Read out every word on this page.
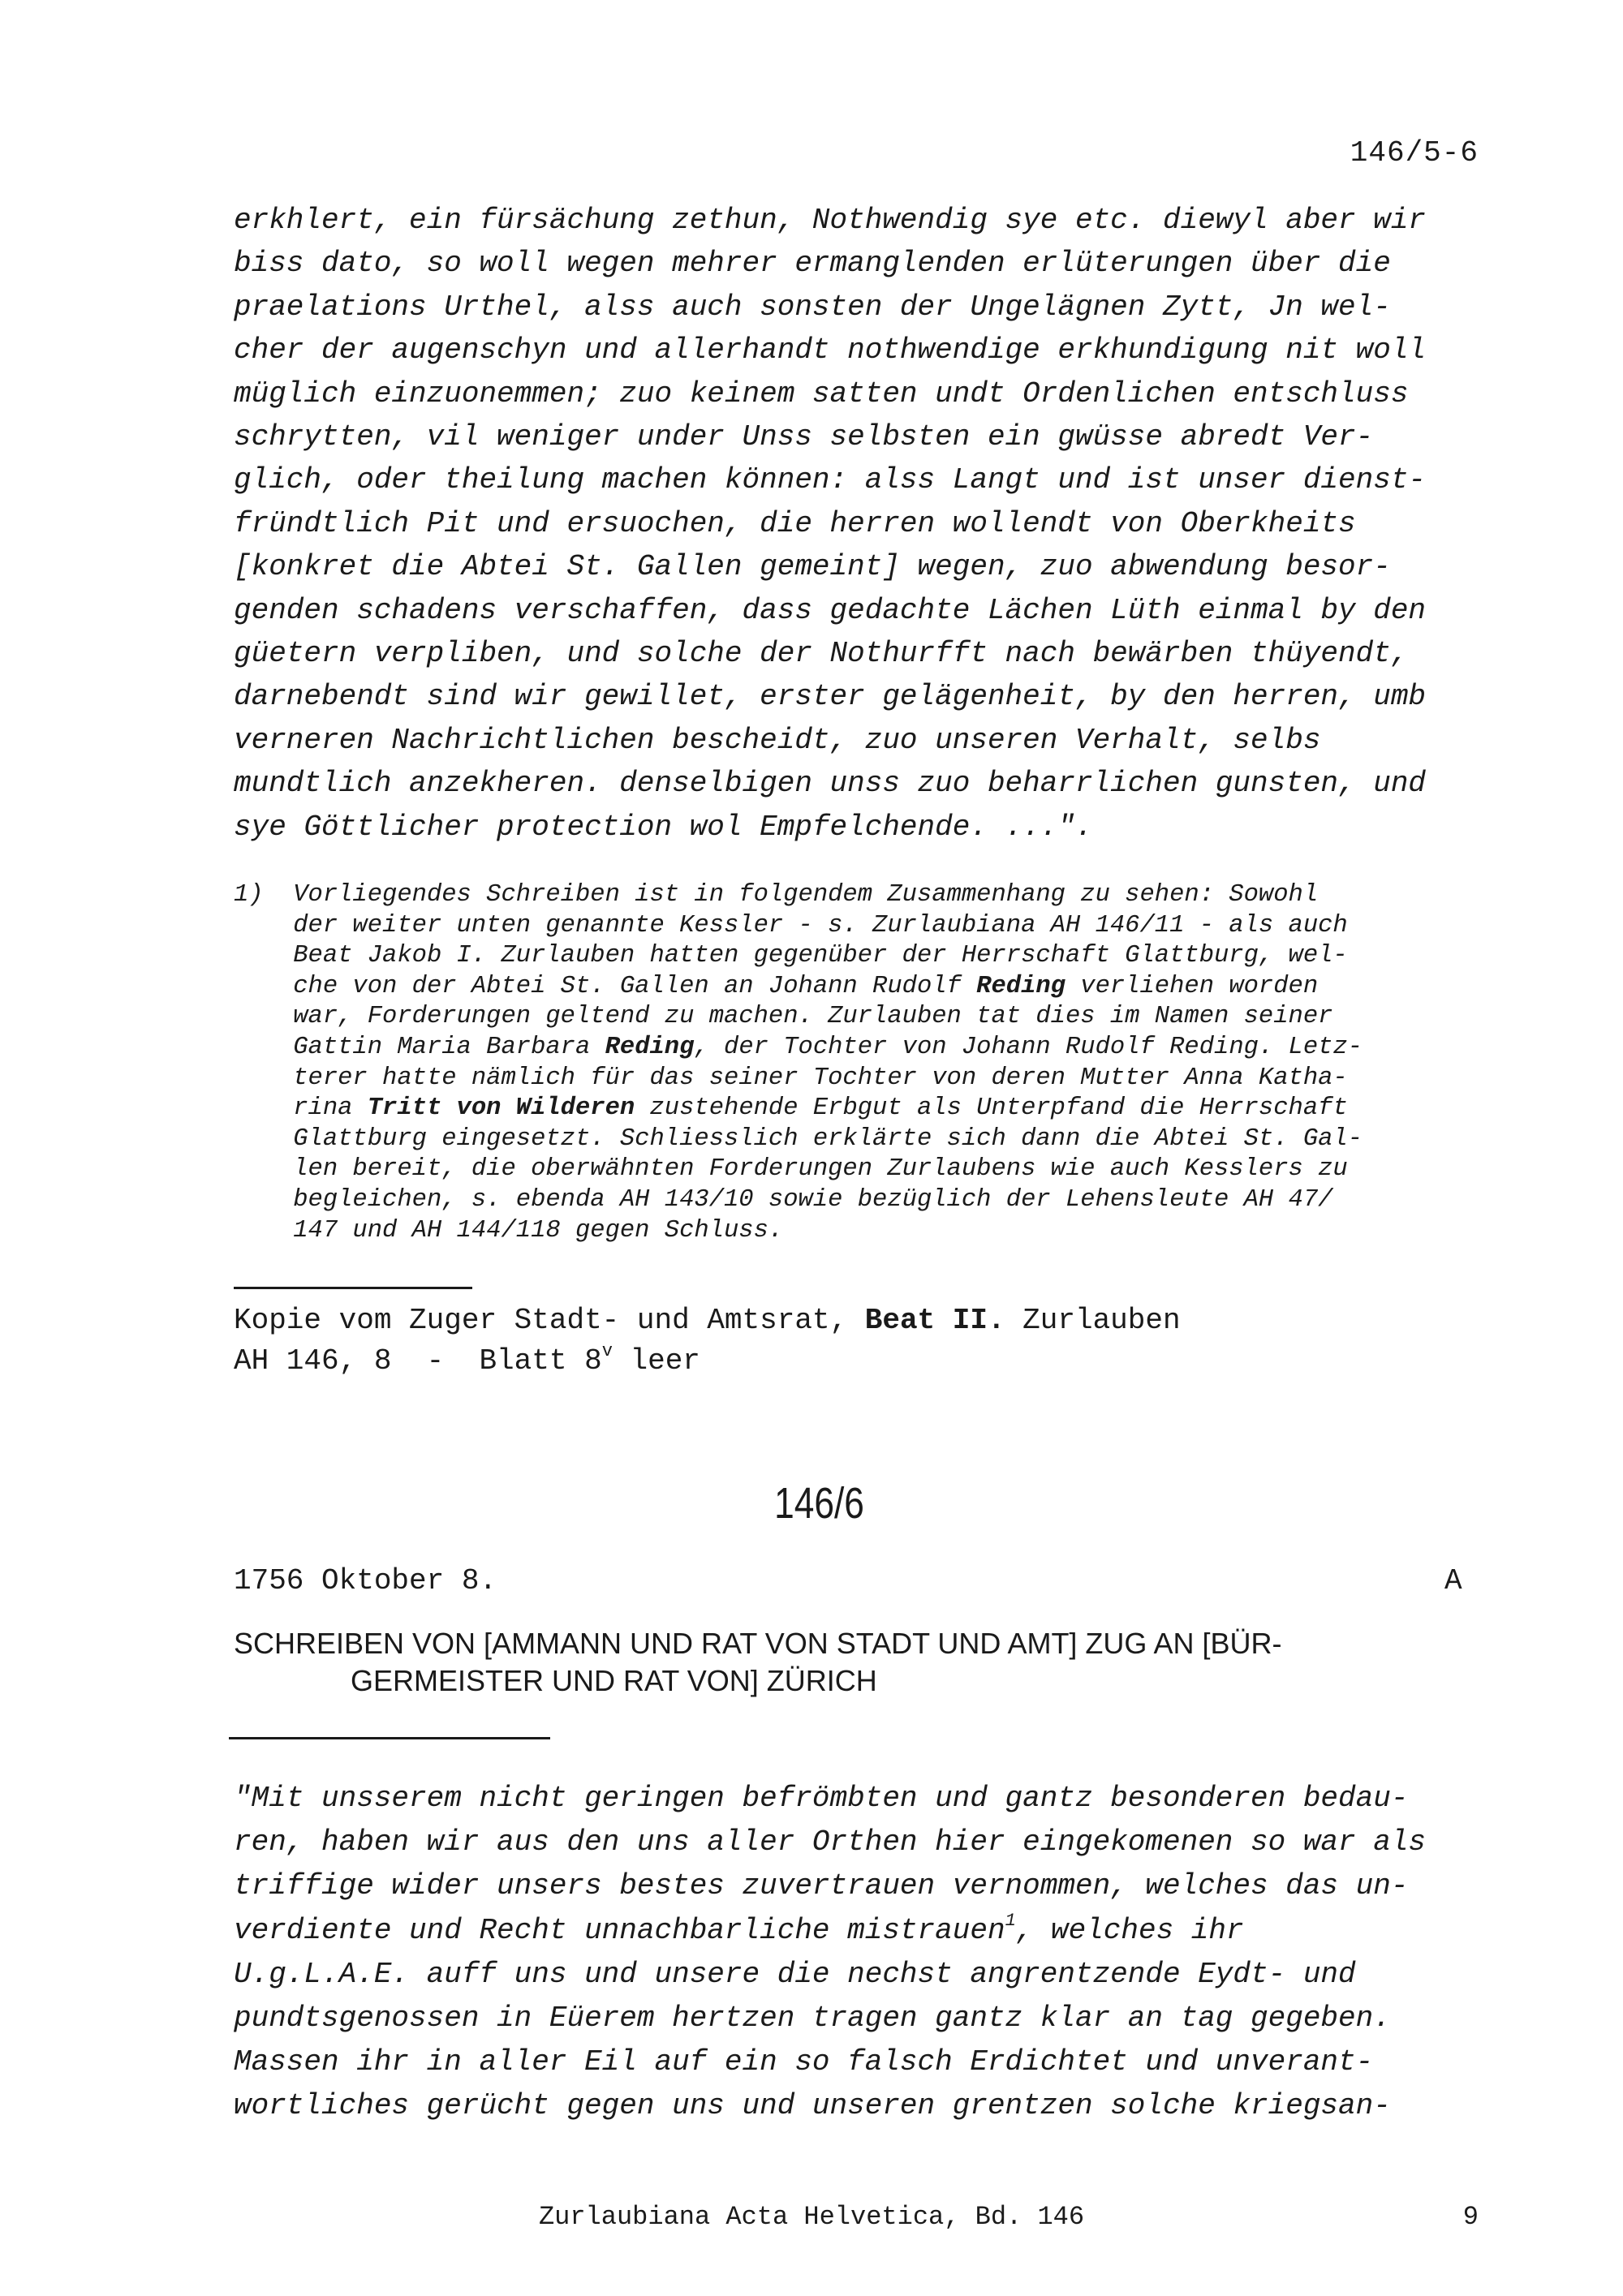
146/5-6
erkhlert, ein fürsächung zethun, Nothwendig sye etc. diewyl aber wir
biss dato, so woll wegen mehrer ermanglenden erlüterungen über die
praelations Urthel, alss auch sonsten der Ungelägnen Zytt, Jn wel-
cher der augenschyn und allerhandt nothwendige erkhundigung nit woll
müglich einzuonemmen; zuo keinem satten undt Ordenlichen entschluss
schrytten, vil weniger under Unss selbsten ein gwüsse abredt Ver-
glich, oder theilung machen können: alss Langt und ist unser dienst-
fründtlich Pit und ersuochen, die herren wollendt von Oberkheits
[konkret die Abtei St. Gallen gemeint] wegen, zuo abwendung besor-
genden schadens verschaffen, dass gedachte Lächen Lüth einmal by den
güetern verpliben, und solche der Nothurfft nach bewärben thüyendt,
darnebendt sind wir gewillet, erster gelägenheit, by den herren, umb
verneren Nachrichtlichen bescheidt, zuo unseren Verhalt, selbs
mundtlich anzekheren. denselbigen unss zuo beharrlichen gunsten, und
sye Göttlicher protection wol Empfelchende. ...".
1) Vorliegendes Schreiben ist in folgendem Zusammenhang zu sehen: Sowohl
der weiter unten genannte Kessler - s. Zurlaubiana AH 146/11 - als auch
Beat Jakob I. Zurlauben hatten gegenüber der Herrschaft Glattburg, wel-
che von der Abtei St. Gallen an Johann Rudolf Reding verliehen worden
war, Forderungen geltend zu machen. Zurlauben tat dies im Namen seiner
Gattin Maria Barbara Reding, der Tochter von Johann Rudolf Reding. Letz-
terer hatte nämlich für das seiner Tochter von deren Mutter Anna Katha-
rina Tritt von Wilderen zustehende Erbgut als Unterpfand die Herrschaft
Glattburg eingesetzt. Schliesslich erklärte sich dann die Abtei St. Gal-
len bereit, die oberwähnten Forderungen Zurlaubens wie auch Kesslers zu
begleichen, s. ebenda AH 143/10 sowie bezüglich der Lehensleute AH 47/
147 und AH 144/118 gegen Schluss.
Kopie vom Zuger Stadt- und Amtsrat, Beat II. Zurlauben
AH 146, 8  -  Blatt 8$^v$ leer
146/6
1756 Oktober 8.	A
SCHREIBEN VON [AMMANN UND RAT VON STADT UND AMT] ZUG AN [BÜR-
GERMEISTER UND RAT VON] ZÜRICH
"Mit unsserem nicht geringen befrömbten und gantz besonderen bedau-
ren, haben wir aus den uns aller Orthen hier eingekomenen so war als
triffige wider unsers bestes zuvertrauen vernommen, welches das un-
verdiente und Recht unnachbarliche mistrauen$^1$, welches ihr
U.g.L.A.E. auff uns und unsere die nechst angrentzende Eydt- und
pundtsgenossen in Eüerem hertzen tragen gantz klar an tag gegeben.
Massen ihr in aller Eil auf ein so falsch Erdichtet und unverant-
wortliches gerücht gegen uns und unseren grentzen solche kriegsan-
Zurlaubiana Acta Helvetica, Bd. 146	9
